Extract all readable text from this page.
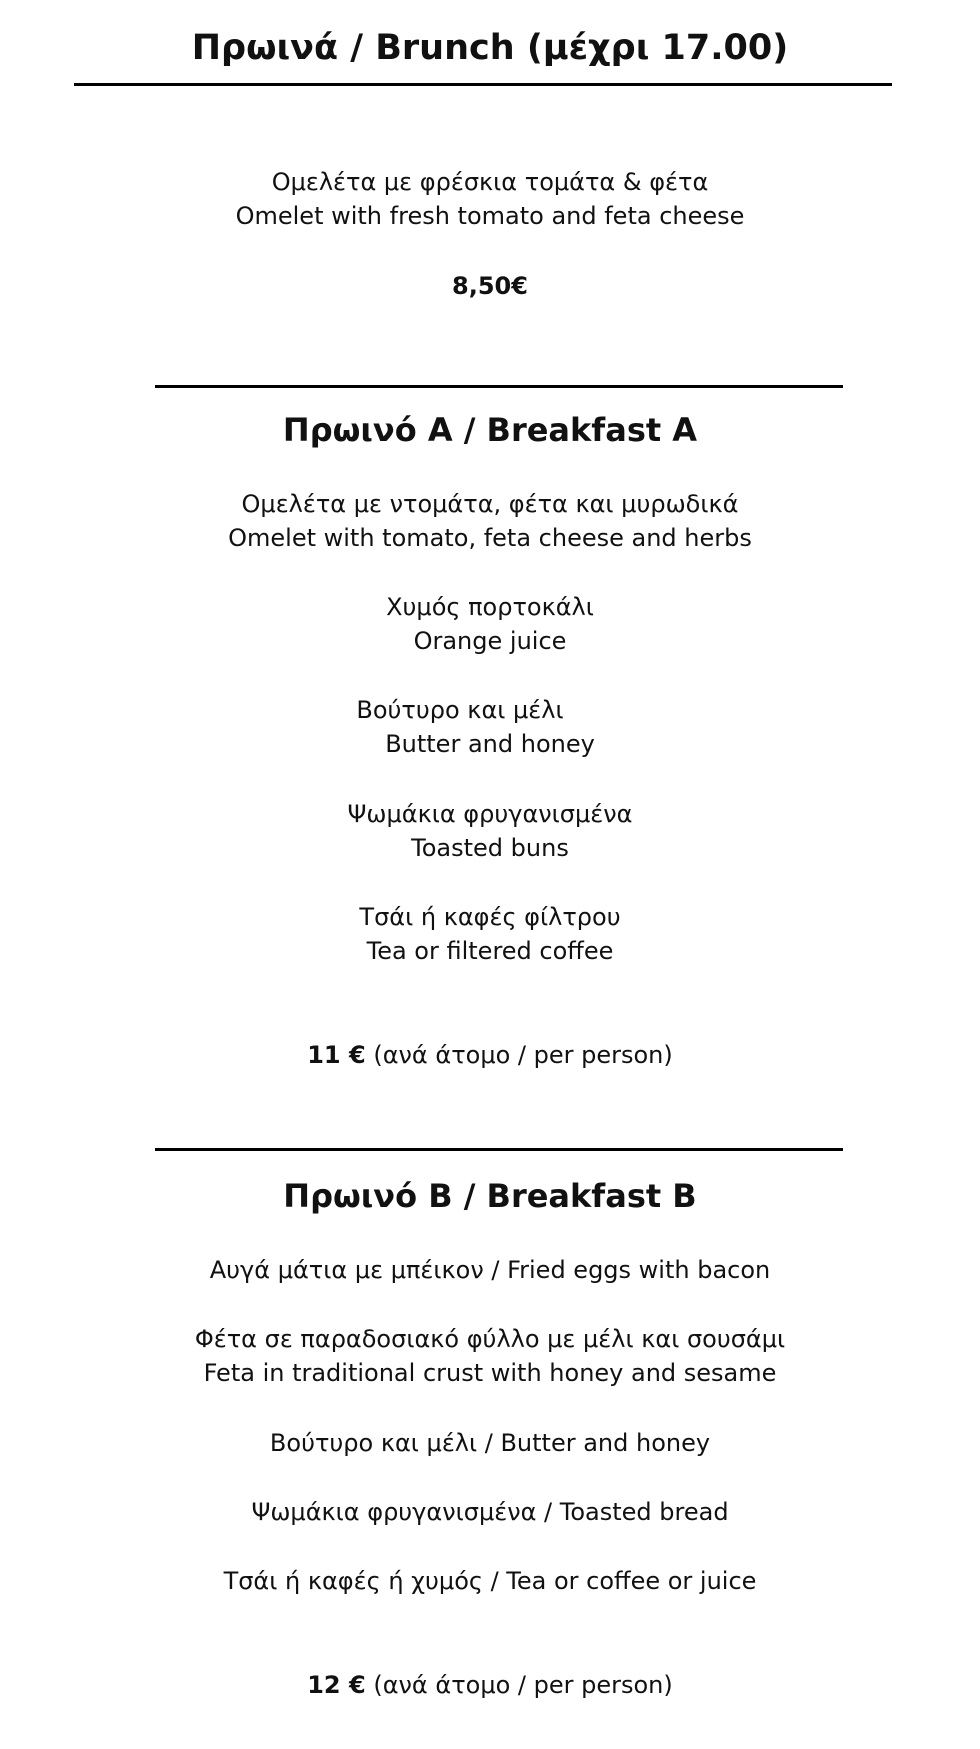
Πρωινά / Brunch (μέχρι 17.00)
Ομελέτα με φρέσκια τομάτα & φέτα
Omelet with fresh tomato and feta cheese
8,50€
Πρωινό A / Breakfast A
Ομελέτα με ντομάτα, φέτα και μυρωδικά
Omelet with tomato, feta cheese and herbs
Χυμός πορτοκάλι
Orange juice
Βούτυρο και μέλι
Butter and honey
Ψωμάκια φρυγανισμένα
Toasted buns
Τσάι ή καφές φίλτρου
Tea or filtered coffee
11 € (ανά άτομο / per person)
Πρωινό B / Breakfast B
Αυγά μάτια με μπέικον / Fried eggs with bacon
Φέτα σε παραδοσιακό φύλλο με μέλι και σουσάμι
Feta in traditional crust with honey and sesame
Βούτυρο και μέλι / Butter and honey
Ψωμάκια φρυγανισμένα / Toasted bread
Τσάι ή καφές ή χυμός / Tea or coffee or juice
12 € (ανά άτομο / per person)
